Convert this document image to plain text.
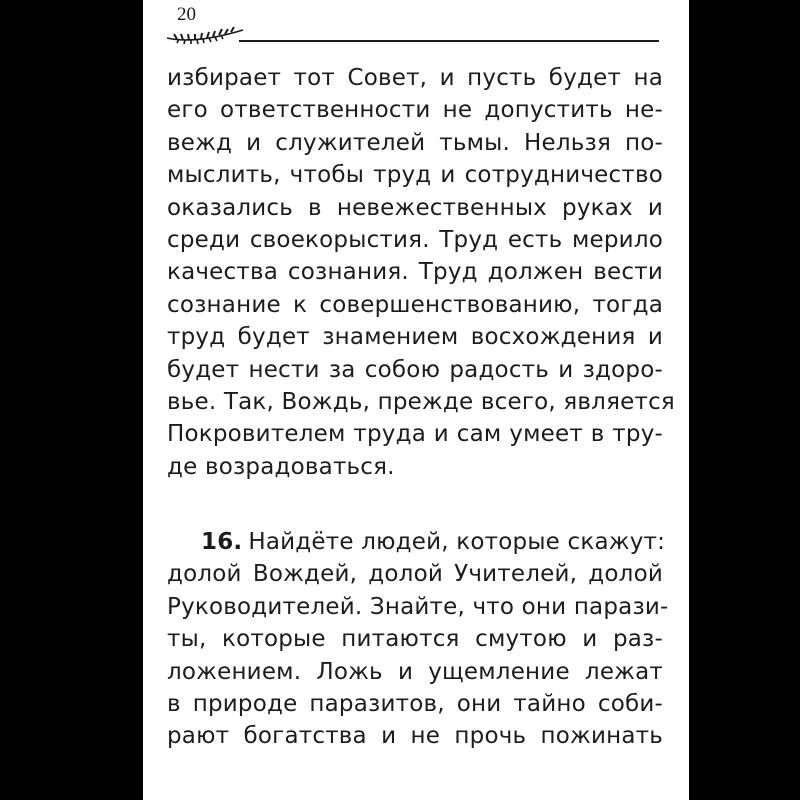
20
избирает тот Совет, и пусть будет на
его ответственности не допустить не-
вежд и служителей тьмы. Нельзя по-
мыслить, чтобы труд и сотрудничество
оказались в невежественных руках и
среди своекорыстия. Труд есть мерило
качества сознания. Труд должен вести
сознание к совершенствованию, тогда
труд будет знамением восхождения и
будет нести за собою радость и здоро-
вье. Так, Вождь, прежде всего, является
Покровителем труда и сам умеет в тру-
де возрадоваться.
16. Найдёте людей, которые скажут:
долой Вождей, долой Учителей, долой
Руководителей. Знайте, что они парази-
ты, которые питаются смутою и раз-
ложением. Ложь и ущемление лежат
в природе паразитов, они тайно соби-
рают богатства и не прочь пожинать
